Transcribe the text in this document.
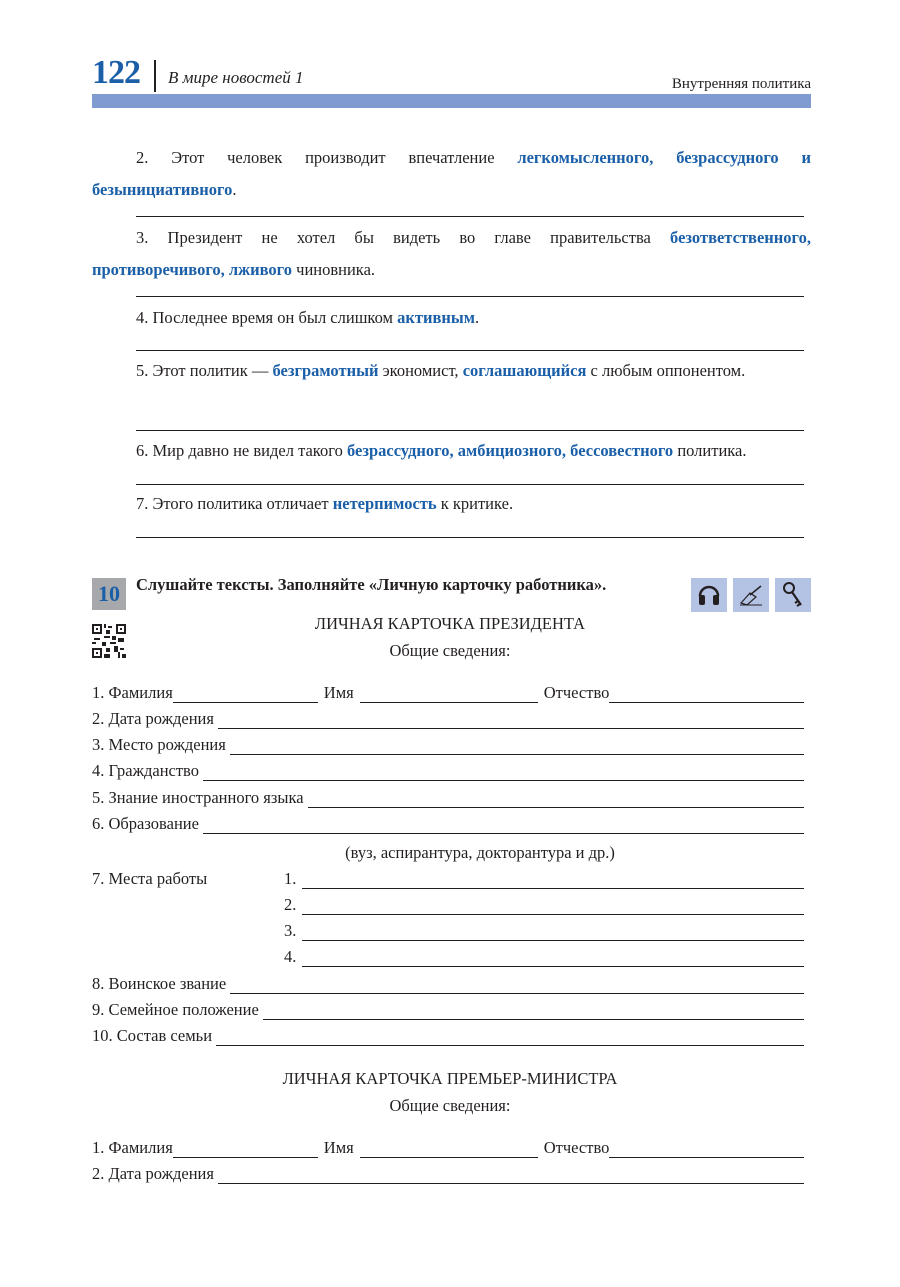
122 В мире новостей 1	Внутренняя политика
2. Этот человек производит впечатление легкомысленного, безрассудного и безынициативного.
3. Президент не хотел бы видеть во главе правительства безответственного, противоречивого, лживого чиновника.
4. Последнее время он был слишком активным.
5. Этот политик — безграмотный экономист, соглашающийся с любым оппонентом.
6. Мир давно не видел такого безрассудного, амбициозного, бессовестного политика.
7. Этого политика отличает нетерпимость к критике.
10 Слушайте тексты. Заполняйте «Личную карточку работника».
ЛИЧНАЯ КАРТОЧКА ПРЕЗИДЕНТА
Общие сведения:
1. Фамилия	Имя	Отчество
2. Дата рождения
3. Место рождения
4. Гражданство
5. Знание иностранного языка
6. Образование
(вуз, аспирантура, докторантура и др.)
7. Места работы	1.
2.
3.
4.
8. Воинское звание
9. Семейное положение
10. Состав семьи
ЛИЧНАЯ КАРТОЧКА ПРЕМЬЕР-МИНИСТРА
Общие сведения:
1. Фамилия	Имя	Отчество
2. Дата рождения
